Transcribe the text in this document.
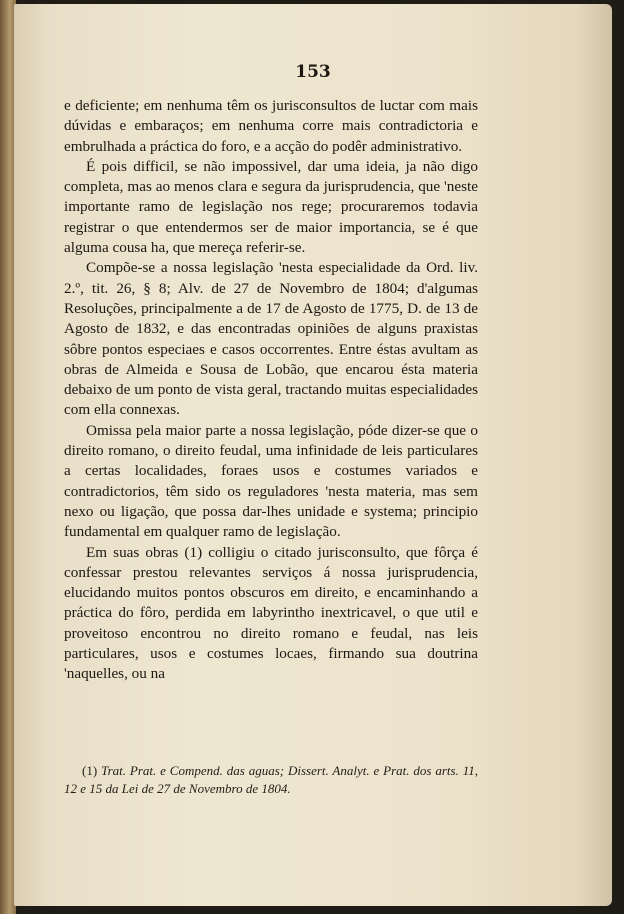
153

e deficiente; em nenhuma têm os jurisconsultos de luctar com mais dúvidas e embaraços; em nenhuma corre mais contradictoria e embrulhada a práctica do foro, e a acção do podêr administrativo.

É pois difficil, se não impossivel, dar uma ideia, ja não digo completa, mas ao menos clara e segura da jurisprudencia, que 'neste importante ramo de legislação nos rege; procuraremos todavia registrar o que entendermos ser de maior importancia, se é que alguma cousa ha, que mereça referir-se.

Compõe-se a nossa legislação 'nesta especialidade da Ord. liv. 2.º, tit. 26, § 8; Alv. de 27 de Novembro de 1804; d'algumas Resoluções, principalmente a de 17 de Agosto de 1775, D. de 13 de Agosto de 1832, e das encontradas opiniões de alguns praxistas sôbre pontos especiaes e casos occorrentes. Entre éstas avultam as obras de Almeida e Sousa de Lobão, que encarou ésta materia debaixo de um ponto de vista geral, tractando muitas especialidades com ella connexas.

Omissa pela maior parte a nossa legislação, póde dizer-se que o direito romano, o direito feudal, uma infinidade de leis particulares a certas localidades, foraes usos e costumes variados e contradictorios, têm sido os reguladores 'nesta materia, mas sem nexo ou ligação, que possa dar-lhes unidade e systema; principio fundamental em qualquer ramo de legislação.

Em suas obras (1) colligiu o citado jurisconsulto, que fôrça é confessar prestou relevantes serviços á nossa jurisprudencia, elucidando muitos pontos obscuros em direito, e encaminhando a práctica do fôro, perdida em labyrintho inextricavel, o que util e proveitoso encontrou no direito romano e feudal, nas leis particulares, usos e costumes locaes, firmando sua doutrina 'naquelles, ou na

(1) Trat. Prat. e Compend. das aguas; Dissert. Analyt. e Prat. dos arts. 11, 12 e 15 da Lei de 27 de Novembro de 1804.
